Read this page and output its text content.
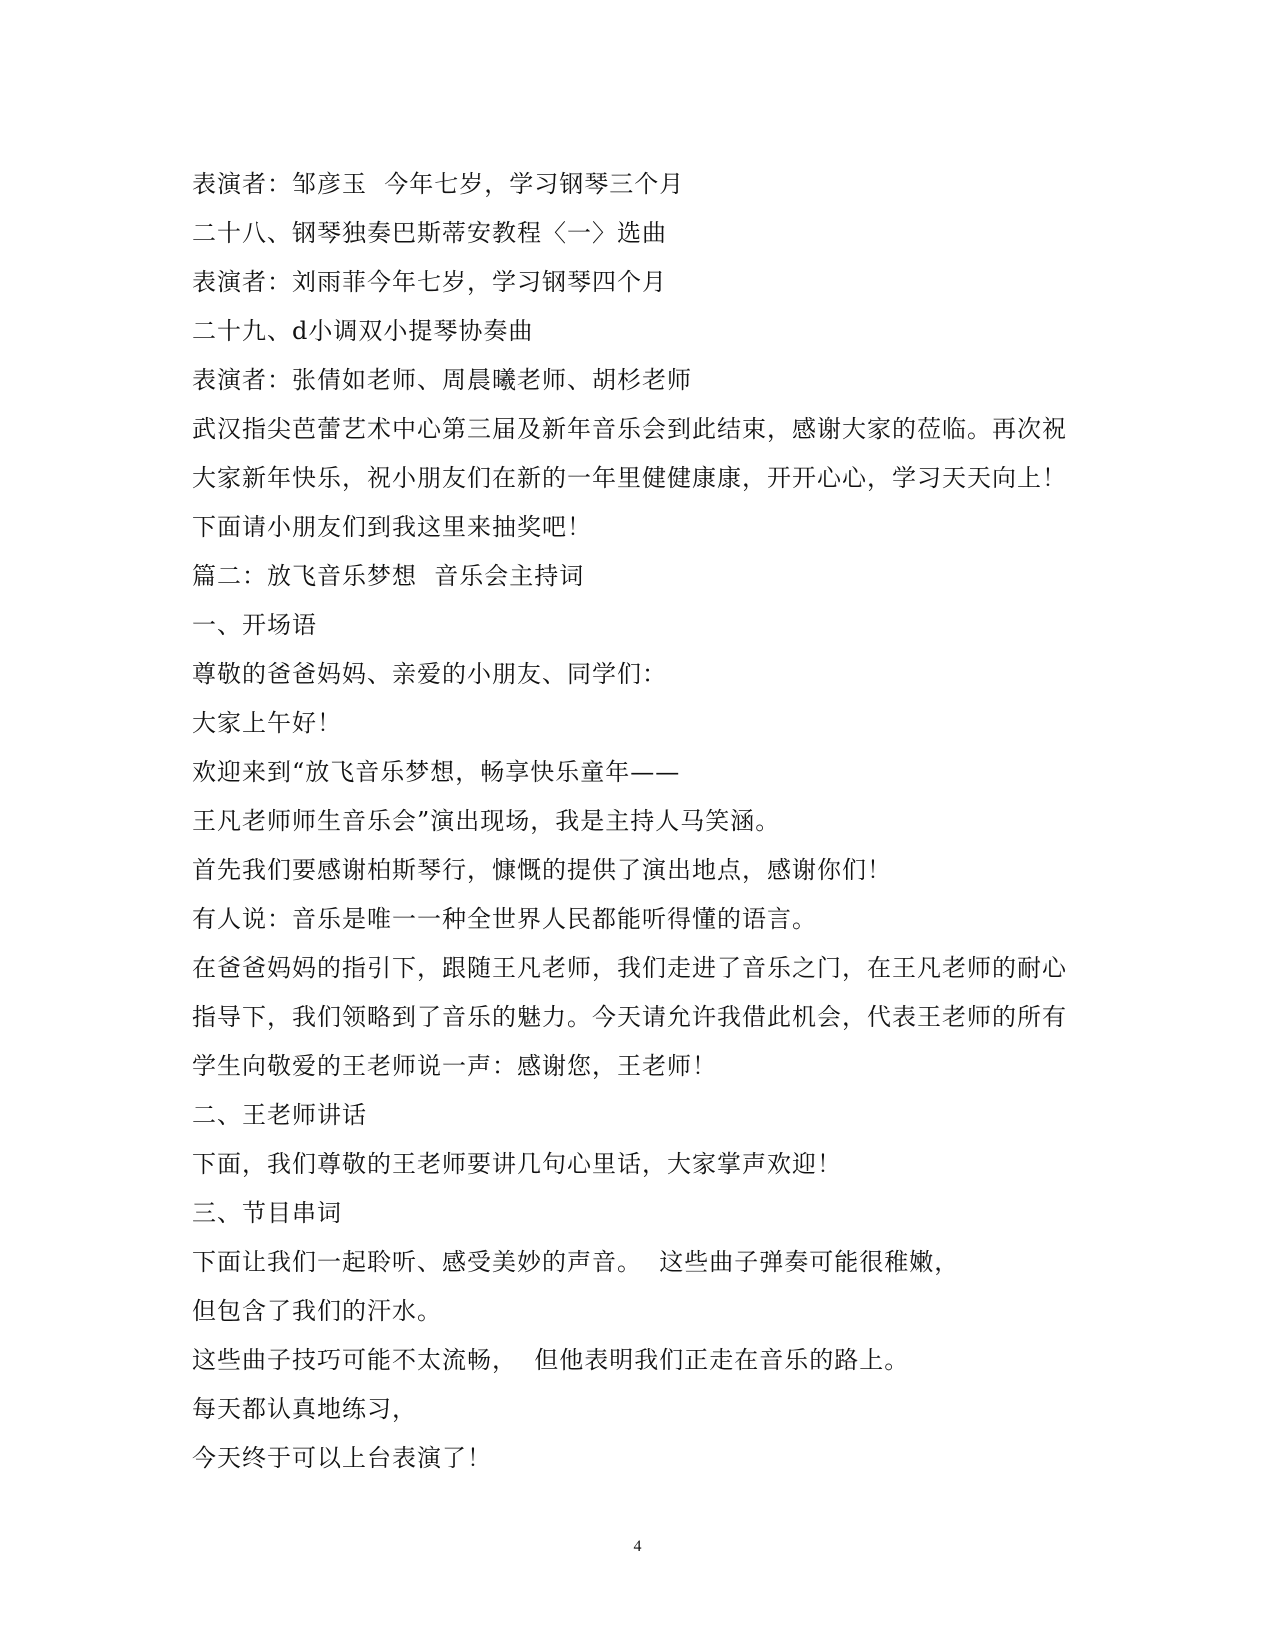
表演者：邹彦玉  今年七岁，学习钢琴三个月
二十八、钢琴独奏巴斯蒂安教程〈一〉选曲
表演者：刘雨菲今年七岁，学习钢琴四个月
二十九、d小调双小提琴协奏曲
表演者：张倩如老师、周晨曦老师、胡杉老师
武汉指尖芭蕾艺术中心第三届及新年音乐会到此结束，感谢大家的莅临。再次祝
大家新年快乐，祝小朋友们在新的一年里健健康康，开开心心，学习天天向上！
下面请小朋友们到我这里来抽奖吧！
篇二：放飞音乐梦想  音乐会主持词
一、开场语
尊敬的爸爸妈妈、亲爱的小朋友、同学们：
大家上午好！
欢迎来到“放飞音乐梦想，畅享快乐童年——
王凡老师师生音乐会”演出现场，我是主持人马笑涵。
首先我们要感谢柏斯琴行，慷慨的提供了演出地点，感谢你们！
有人说：音乐是唯一一种全世界人民都能听得懂的语言。
在爸爸妈妈的指引下，跟随王凡老师，我们走进了音乐之门，在王凡老师的耐心
指导下，我们领略到了音乐的魅力。今天请允许我借此机会，代表王老师的所有
学生向敬爱的王老师说一声：感谢您，王老师！
二、王老师讲话
下面，我们尊敬的王老师要讲几句心里话，大家掌声欢迎！
三、节目串词
下面让我们一起聆听、感受美妙的声音。  这些曲子弹奏可能很稚嫩，
但包含了我们的汗水。
这些曲子技巧可能不太流畅，  但他表明我们正走在音乐的路上。
每天都认真地练习，
今天终于可以上台表演了！
4
